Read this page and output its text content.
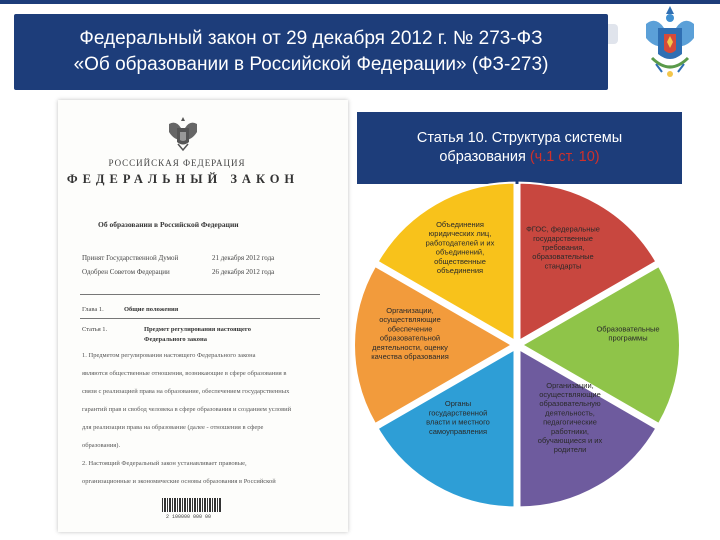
Федеральный закон от 29 декабря 2012 г. № 273-ФЗ
«Об образовании в Российской Федерации» (ФЗ-273)
РОССИЙСКАЯ ФЕДЕРАЦИЯ
ФЕДЕРАЛЬНЫЙ ЗАКОН
Об образовании в Российской Федерации
Принят Государственной Думой	21 декабря 2012 года
Одобрен Советом Федерации	26 декабря 2012 года
Глава 1.	Общие положения
Статья 1.	Предмет регулирования настоящего
Федерального закона
1. Предметом регулирования настоящего Федерального закона
являются общественные отношения, возникающие в сфере образования в
связи с реализацией права на образование, обеспечением государственных
гарантий прав и свобод человека в сфере образования и созданием условий
для реализации права на образование (далее - отношения в сфере
образования).
2. Настоящий Федеральный закон устанавливает правовые,
организационные и экономические основы образования в Российской
2 100000 000 00
Статья 10. Структура системы
образования (ч.1 ст. 10)
ФГОС, федеральные государственные требования, образовательные стандарты
Образовательные программы
Организации, осуществляющие образовательную деятельность, педагогические работники, обучающиеся и их родители
Органы государственной власти и местного самоуправления
Организации, осуществляющие обеспечение образовательной деятельности, оценку качества образования
Объединения юридических лиц, работодателей и их объединений, общественные объединения
